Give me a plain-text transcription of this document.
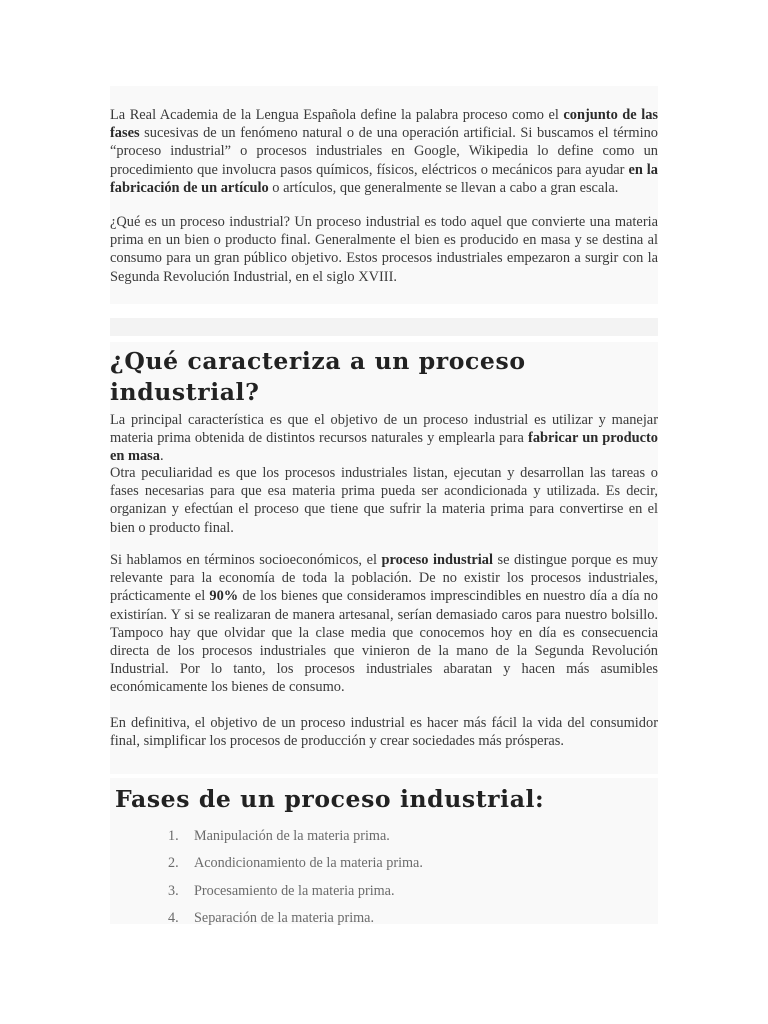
La Real Academia de la Lengua Española define la palabra proceso como el conjunto de las fases sucesivas de un fenómeno natural o de una operación artificial. Si buscamos el término “proceso industrial” o procesos industriales en Google, Wikipedia lo define como un procedimiento que involucra pasos químicos, físicos, eléctricos o mecánicos para ayudar en la fabricación de un artículo o artículos, que generalmente se llevan a cabo a gran escala.

¿Qué es un proceso industrial? Un proceso industrial es todo aquel que convierte una materia prima en un bien o producto final. Generalmente el bien es producido en masa y se destina al consumo para un gran público objetivo. Estos procesos industriales empezaron a surgir con la Segunda Revolución Industrial, en el siglo XVIII.

¿Qué caracteriza a un proceso industrial?

La principal característica es que el objetivo de un proceso industrial es utilizar y manejar materia prima obtenida de distintos recursos naturales y emplearla para fabricar un producto en masa.

Otra peculiaridad es que los procesos industriales listan, ejecutan y desarrollan las tareas o fases necesarias para que esa materia prima pueda ser acondicionada y utilizada. Es decir, organizan y efectúan el proceso que tiene que sufrir la materia prima para convertirse en el bien o producto final.

Si hablamos en términos socioeconómicos, el proceso industrial se distingue porque es muy relevante para la economía de toda la población. De no existir los procesos industriales, prácticamente el 90% de los bienes que consideramos imprescindibles en nuestro día a día no existirían. Y si se realizaran de manera artesanal, serían demasiado caros para nuestro bolsillo. Tampoco hay que olvidar que la clase media que conocemos hoy en día es consecuencia directa de los procesos industriales que vinieron de la mano de la Segunda Revolución Industrial. Por lo tanto, los procesos industriales abaratan y hacen más asumibles económicamente los bienes de consumo.

En definitiva, el objetivo de un proceso industrial es hacer más fácil la vida del consumidor final, simplificar los procesos de producción y crear sociedades más prósperas.

Fases de un proceso industrial:
1. Manipulación de la materia prima.
2. Acondicionamiento de la materia prima.
3. Procesamiento de la materia prima.
4. Separación de la materia prima.
